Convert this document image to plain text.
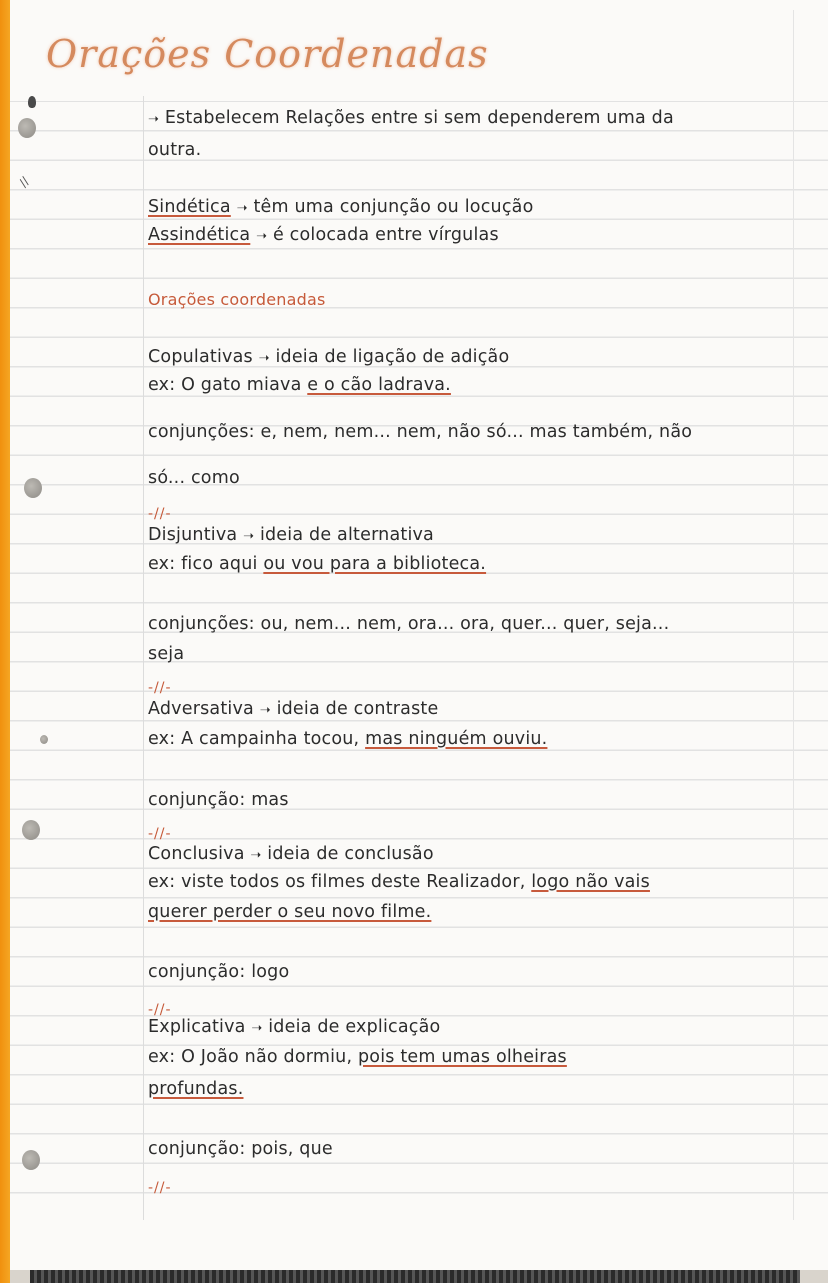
//
Orações Coordenadas
➝ Estabelecem Relações entre si sem dependerem uma da
outra.
Sindética ➝ têm uma conjunção ou locução
Assindética ➝ é colocada entre vírgulas
Orações coordenadas
Copulativas ➝ ideia de ligação de adição
ex: O gato miava e o cão ladrava.
conjunções: e, nem, nem... nem, não só... mas também, não
só... como
-//-
Disjuntiva ➝ ideia de alternativa
ex: fico aqui ou vou para a biblioteca.
conjunções: ou, nem... nem, ora... ora, quer... quer, seja...
seja
-//-
Adversativa ➝ ideia de contraste
ex: A campainha tocou, mas ninguém ouviu.
conjunção: mas
-//-
Conclusiva ➝ ideia de conclusão
ex: viste todos os filmes deste Realizador, logo não vais
querer perder o seu novo filme.
conjunção: logo
-//-
Explicativa ➝ ideia de explicação
ex: O João não dormiu, pois tem umas olheiras
profundas.
conjunção: pois, que
-//-
